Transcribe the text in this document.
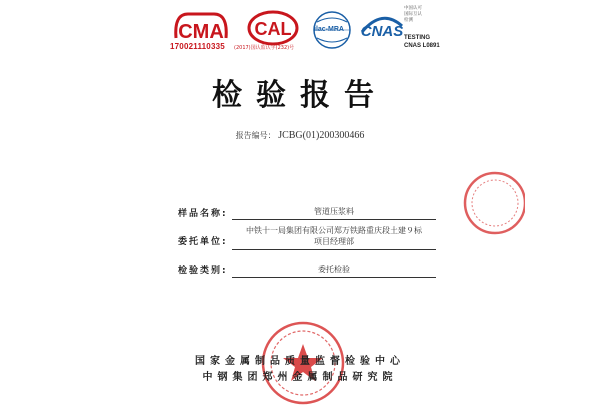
CMA
170021110335
CAL
(2017)国认监认字(232)号
ilac-MRA CNAS
中国认可
国际互认
检测
TESTING
CNAS L0891
检验报告
报告编号： JCBG(01)200300466
样品名称:	管道压浆料
委托单位:
中铁十一局集团有限公司郑万铁路重庆段土建９标
项目经理部
检验类别:	委托检验
国家金属制品质量监督检验中心
中钢集团郑州金属制品研究院
